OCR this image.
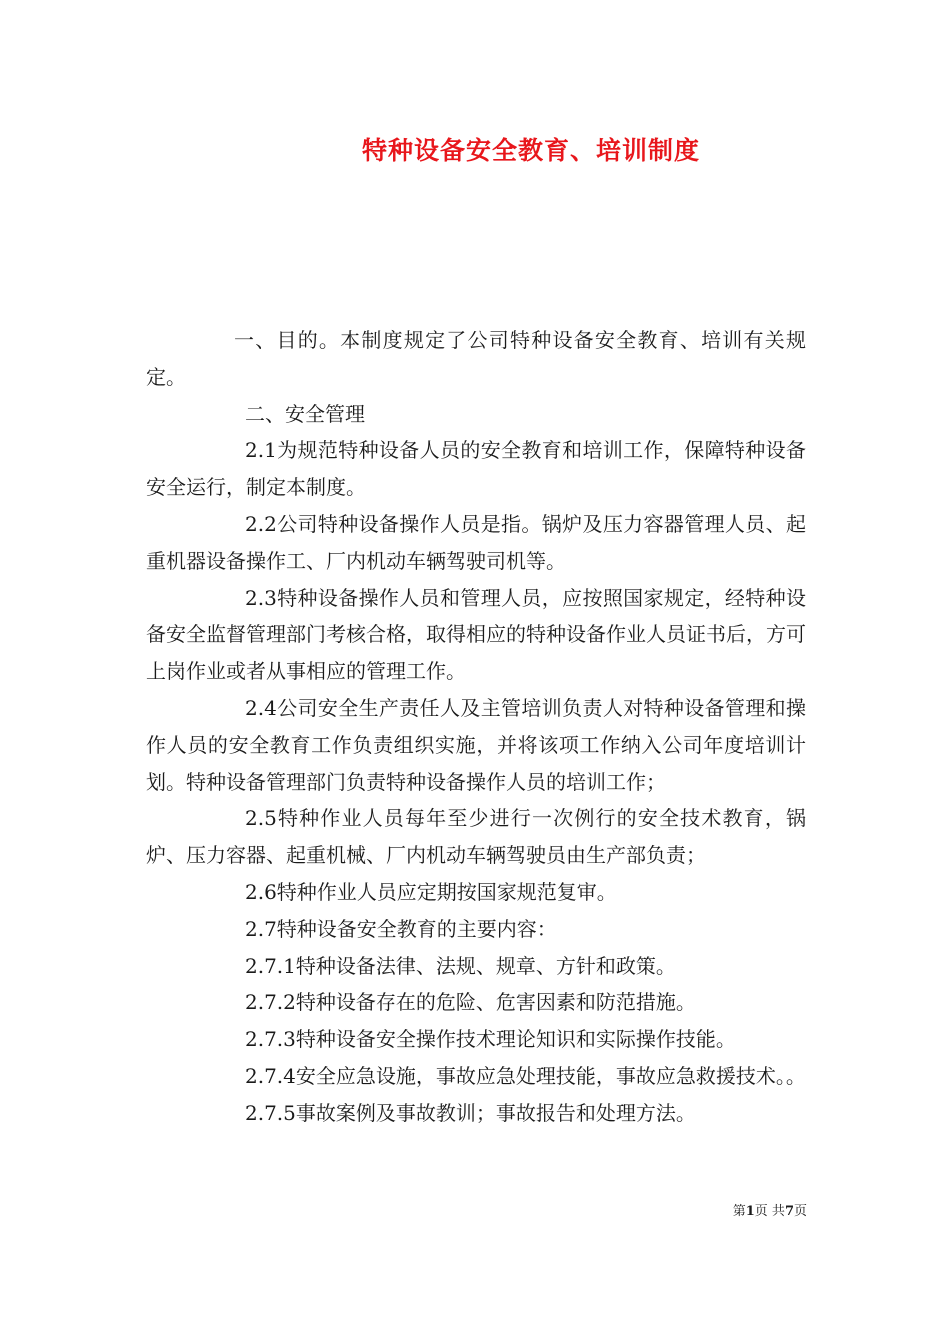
特种设备安全教育、培训制度

一、目的。本制度规定了公司特种设备安全教育、培训有关规定。

二、安全管理

2.1为规范特种设备人员的安全教育和培训工作，保障特种设备安全运行，制定本制度。

2.2公司特种设备操作人员是指。锅炉及压力容器管理人员、起重机器设备操作工、厂内机动车辆驾驶司机等。

2.3特种设备操作人员和管理人员，应按照国家规定，经特种设备安全监督管理部门考核合格，取得相应的特种设备作业人员证书后，方可上岗作业或者从事相应的管理工作。

2.4公司安全生产责任人及主管培训负责人对特种设备管理和操作人员的安全教育工作负责组织实施，并将该项工作纳入公司年度培训计划。特种设备管理部门负责特种设备操作人员的培训工作；

2.5特种作业人员每年至少进行一次例行的安全技术教育，锅炉、压力容器、起重机械、厂内机动车辆驾驶员由生产部负责；

2.6特种作业人员应定期按国家规范复审。

2.7特种设备安全教育的主要内容：

2.7.1特种设备法律、法规、规章、方针和政策。

2.7.2特种设备存在的危险、危害因素和防范措施。

2.7.3特种设备安全操作技术理论知识和实际操作技能。

2.7.4安全应急设施，事故应急处理技能，事故应急救援技术。。

2.7.5事故案例及事故教训；事故报告和处理方法。

第1页 共7页
